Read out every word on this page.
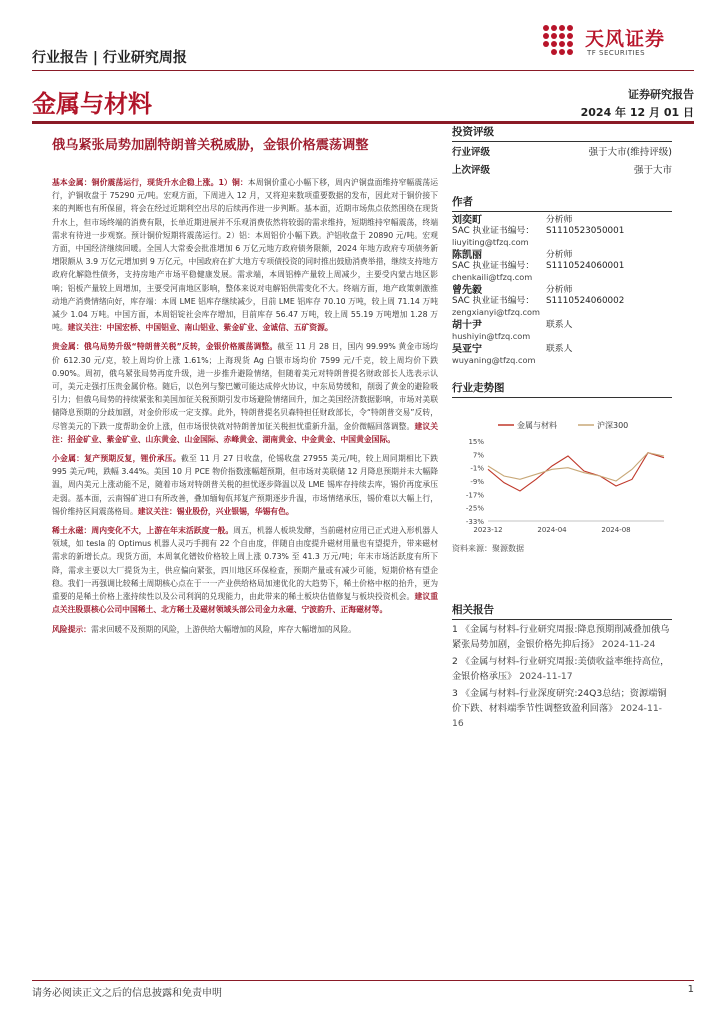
行业报告 | 行业研究周报
天风证券
TF SECURITIES
金属与材料	证券研究报告
2024 年 12 月 01 日
俄乌紧张局势加剧特朗普关税威胁，金银价格震荡调整

基本金属：铜价震荡运行，现货升水企稳上涨。1）铜：本周铜价重心小幅下移，周内沪铜盘面维持窄幅震荡运行，沪铜收盘于 75290 元/吨。宏观方面，下周进入 12 月，又将迎来数项重要数据的发布，因此对于铜价接下来的判断也有所保留，将会在经过近期利空出尽的后续再作进一步判断。基本面，近期市场焦点依然围绕在现货升水上，但市场终端的消费有限，长单近期进展并不乐观消费依然将较弱的需求维持，短期维持窄幅震荡，终端需求有待进一步观察。预计铜价短期将震荡运行。2）铝：本周铝价小幅下跌。沪铝收盘于 20890 元/吨。宏观方面，中国经济继续回暖。全国人大常委会批准增加 6 万亿元地方政府债务限额，2024 年地方政府专项债务新增限额从 3.9 万亿元增加到 9 万亿元，中国政府在扩大地方专项债投资的同时推出鼓励消费举措，继续支持地方政府化解隐性债务，支持房地产市场平稳健康发展。需求端，本周铝棒产量较上周减少，主要受内蒙古地区影响；铝板产量较上周增加，主要受河南地区影响，整体来说对电解铝供需变化不大。终端方面，地产政策刺激推动地产消费情绪向好，库存端：本周 LME 铝库存继续减少，目前 LME 铝库存 70.10 万吨，较上周 71.14 万吨减少 1.04 万吨。中国方面，本周铝锭社会库存增加，目前库存 56.47 万吨，较上周 55.19 万吨增加 1.28 万吨。建议关注：中国宏桥、中国铝业、南山铝业、紫金矿业、金诚信、五矿资源。

贵金属：俄乌局势升级“特朗普关税”反转，金银价格震荡调整。截至 11 月 28 日，国内 99.99% 黄金市场均价 612.30 元/克，较上周均价上涨 1.61%；上海现货 Ag 白银市场均价 7599 元/千克，较上周均价下跌 0.90%。周初，俄乌紧张局势再度升级，进一步推升避险情绪，但随着美元对特朗普提名财政部长人选表示认可，美元走强打压贵金属价格。随后，以色列与黎巴嫩可能达成停火协议，中东局势缓和，削弱了黄金的避险吸引力；但俄乌局势的持续紧张和美国加征关税预期引发市场避险情绪回升，加之美国经济数据影响，市场对美联储降息预期的分歧加剧，对金价形成一定支撑。此外，特朗普提名贝森特担任财政部长，令“特朗普交易”反转，尽管美元的下跌一度帮助金价上涨，但市场很快就对特朗普加征关税担忧重新升温，金价微幅回落调整。建议关注：招金矿业、紫金矿业、山东黄金、山金国际、赤峰黄金、湖南黄金、中金黄金、中国黄金国际。

小金属：复产预期反复，锂价承压。截至 11 月 27 日收盘，伦锡收盘 27955 美元/吨，较上周同期相比下跌 995 美元/吨，跌幅 3.44%。美国 10 月 PCE 物价指数涨幅超预期，但市场对美联储 12 月降息预期并未大幅降温，周内美元上涨动能不足，随着市场对特朗普关税的担忧逐步降温以及 LME 锡库存持续去库，锡价再度承压走弱。基本面，云南锡矿进口有所改善，叠加缅甸佤邦复产预期逐步升温，市场情绪承压，锡价难以大幅上行，锡价维持区间震荡格局。建议关注：锡业股份，兴业银锡，华锡有色。

稀土永磁：周内变化不大，上游在年末活跃度一般。周五，机器人板块发酵，当前磁材应用已正式进入形机器人领域，如 tesla 的 Optimus 机器人灵巧手拥有 22 个自由度，伴随自由度提升磁材用量也有望提升，带来磁材需求的新增长点。现货方面，本周氧化镨钕价格较上周上涨 0.73% 至 41.3 万元/吨；年末市场活跃度有所下降，需求主要以大厂提货为主，供应偏向紧张，四川地区环保检查，预期产量或有减少可能，短期价格有望企稳。我们一再强调比较稀土周期核心点在于一一产业供给格局加速优化的大趋势下，稀土价格中枢的抬升，更为重要的是稀土价格上涨持续性以及公司利润的兑现能力，由此带来的稀土板块估值修复与板块投资机会。建议重点关注股票核心公司中国稀土、北方稀土及磁材领域头部公司金力永磁、宁波韵升、正海磁材等。

风险提示：需求回暖不及预期的风险，上游供给大幅增加的风险，库存大幅增加的风险。

投资评级
行业评级	强于大市(维持评级)
上次评级	强于大市
作者
刘奕町	分析师
SAC 执业证书编号：	S1110523050001
liuyiting@tfzq.com
陈凯丽	分析师
SAC 执业证书编号：	S1110524060001
chenkaili@tfzq.com
曾先毅	分析师
SAC 执业证书编号：	S1110524060002
zengxianyi@tfzq.com
胡十尹	联系人
hushiyin@tfzq.com
吴亚宁	联系人
wuyaning@tfzq.com
行业走势图
金属与材料	沪深300
15%
7%
-1%
-9%
-17%
-25%
-33%
2023-12	2024-04	2024-08
资料来源：聚源数据
相关报告
1 《金属与材料-行业研究周报:降息预期削减叠加俄乌紧张局势加剧，金银价格先抑后扬》 2024-11-24
2 《金属与材料-行业研究周报:美债收益率维持高位，金银价格承压》 2024-11-17
3 《金属与材料-行业深度研究:24Q3总结；资源端铜价下跌、材料端季节性调整致盈利回落》 2024-11-16
请务必阅读正文之后的信息披露和免责申明	1
